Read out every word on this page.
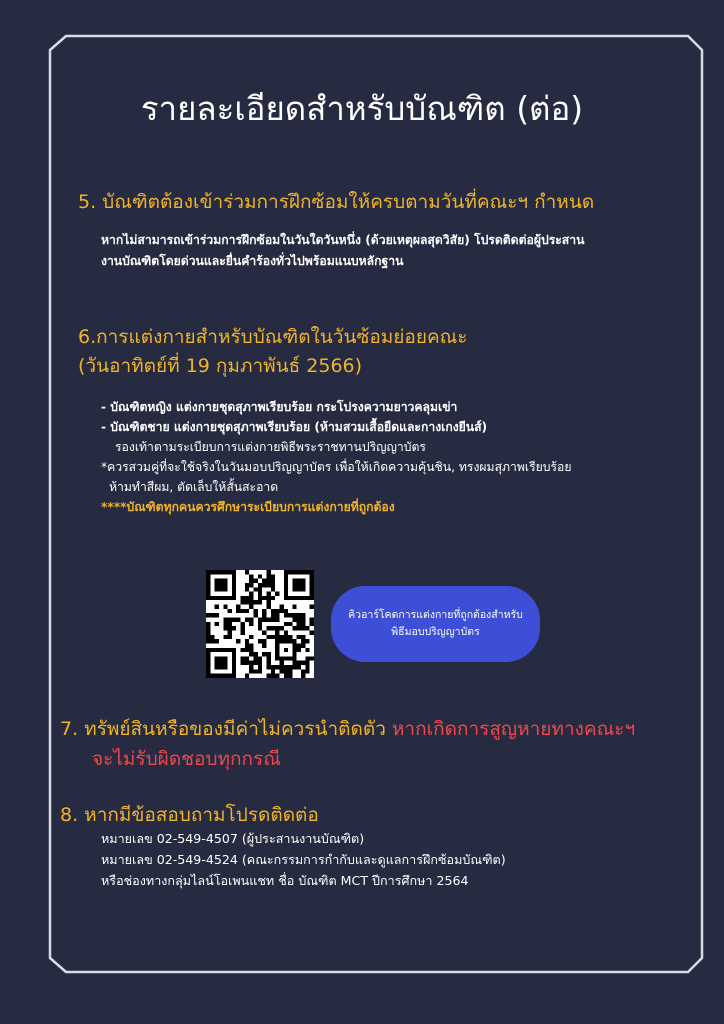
รายละเอียดสำหรับบัณฑิต (ต่อ)
5. บัณฑิตต้องเข้าร่วมการฝึกซ้อมให้ครบตามวันที่คณะฯ กำหนด
หากไม่สามารถเข้าร่วมการฝึกซ้อมในวันใดวันหนึ่ง (ด้วยเหตุผลสุดวิสัย) โปรดติดต่อผู้ประสาน
งานบัณฑิตโดยด่วนและยื่นคำร้องทั่วไปพร้อมแนบหลักฐาน
6.การแต่งกายสำหรับบัณฑิตในวันซ้อมย่อยคณะ
(วันอาทิตย์ที่ 19 กุมภาพันธ์ 2566)
- บัณฑิตหญิง แต่งกายชุดสุภาพเรียบร้อย กระโปรงความยาวคลุมเข่า
- บัณฑิตชาย แต่งกายชุดสุภาพเรียบร้อย (ห้ามสวมเสื้อยืดและกางเกงยีนส์)
รองเท้าตามระเบียบการแต่งกายพิธีพระราชทานปริญญาบัตร
*ควรสวมคู่ที่จะใช้จริงในวันมอบปริญญาบัตร เพื่อให้เกิดความคุ้นชิน, ทรงผมสุภาพเรียบร้อย
ห้ามทำสีผม, ตัดเล็บให้สั้นสะอาด
****บัณฑิตทุกคนควรศึกษาระเบียบการแต่งกายที่ถูกต้อง
คิวอาร์โคดการแต่งกายที่ถูกต้องสำหรับ
พิธีมอบปริญญาบัตร
7. ทรัพย์สินหรือของมีค่าไม่ควรนำติดตัว หากเกิดการสูญหายทางคณะฯ
จะไม่รับผิดชอบทุกกรณี
8. หากมีข้อสอบถามโปรดติดต่อ
หมายเลข 02-549-4507 (ผู้ประสานงานบัณฑิต)
หมายเลข 02-549-4524 (คณะกรรมการกำกับและดูแลการฝึกซ้อมบัณฑิต)
หรือช่องทางกลุ่มไลน์โอเพนแชท ชื่อ บัณฑิต MCT ปีการศึกษา 2564
